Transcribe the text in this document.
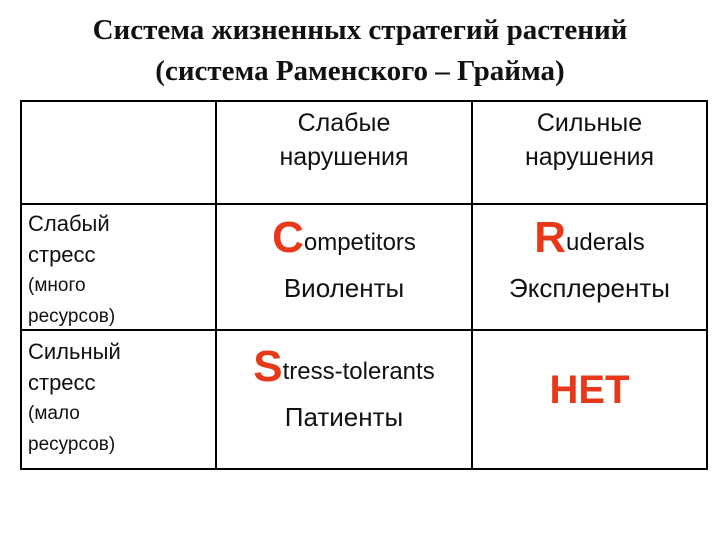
Система жизненных стратегий растений
(система Раменского – Грайма)
Слабые
нарушения
Сильные
нарушения
Слабый
стресс
(много
ресурсов)
Сильный
стресс
(мало
ресурсов)
Competitors
Виоленты
Ruderals
Эксплеренты
Stress-tolerants
Патиенты
НЕТ
